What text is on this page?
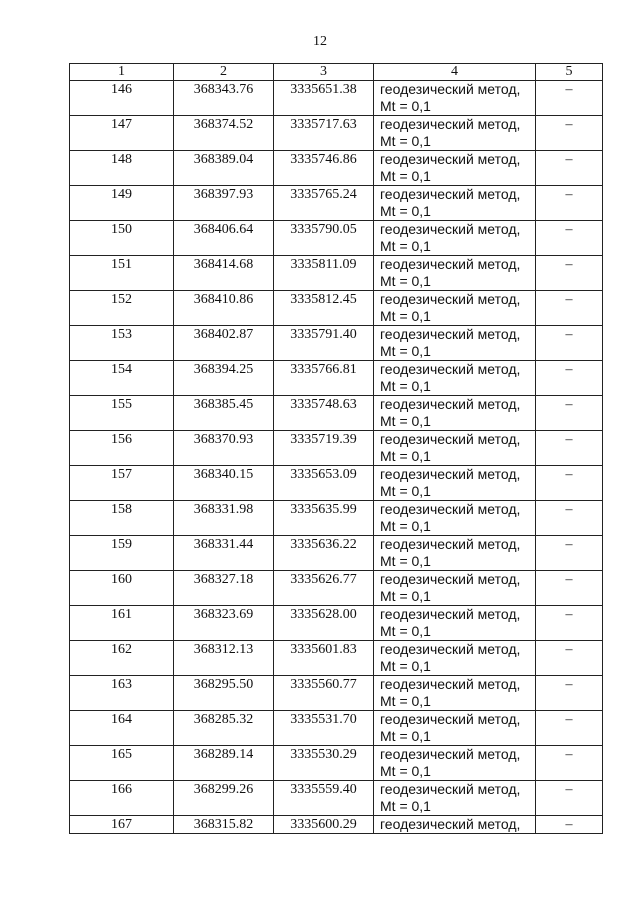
12
1	2	3	4	5
146	368343.76	3335651.38	геодезический метод,
Mt = 0,1	–
147	368374.52	3335717.63	геодезический метод,
Mt = 0,1	–
148	368389.04	3335746.86	геодезический метод,
Mt = 0,1	–
149	368397.93	3335765.24	геодезический метод,
Mt = 0,1	–
150	368406.64	3335790.05	геодезический метод,
Mt = 0,1	–
151	368414.68	3335811.09	геодезический метод,
Mt = 0,1	–
152	368410.86	3335812.45	геодезический метод,
Mt = 0,1	–
153	368402.87	3335791.40	геодезический метод,
Mt = 0,1	–
154	368394.25	3335766.81	геодезический метод,
Mt = 0,1	–
155	368385.45	3335748.63	геодезический метод,
Mt = 0,1	–
156	368370.93	3335719.39	геодезический метод,
Mt = 0,1	–
157	368340.15	3335653.09	геодезический метод,
Mt = 0,1	–
158	368331.98	3335635.99	геодезический метод,
Mt = 0,1	–
159	368331.44	3335636.22	геодезический метод,
Mt = 0,1	–
160	368327.18	3335626.77	геодезический метод,
Mt = 0,1	–
161	368323.69	3335628.00	геодезический метод,
Mt = 0,1	–
162	368312.13	3335601.83	геодезический метод,
Mt = 0,1	–
163	368295.50	3335560.77	геодезический метод,
Mt = 0,1	–
164	368285.32	3335531.70	геодезический метод,
Mt = 0,1	–
165	368289.14	3335530.29	геодезический метод,
Mt = 0,1	–
166	368299.26	3335559.40	геодезический метод,
Mt = 0,1	–
167	368315.82	3335600.29	геодезический метод,	–
